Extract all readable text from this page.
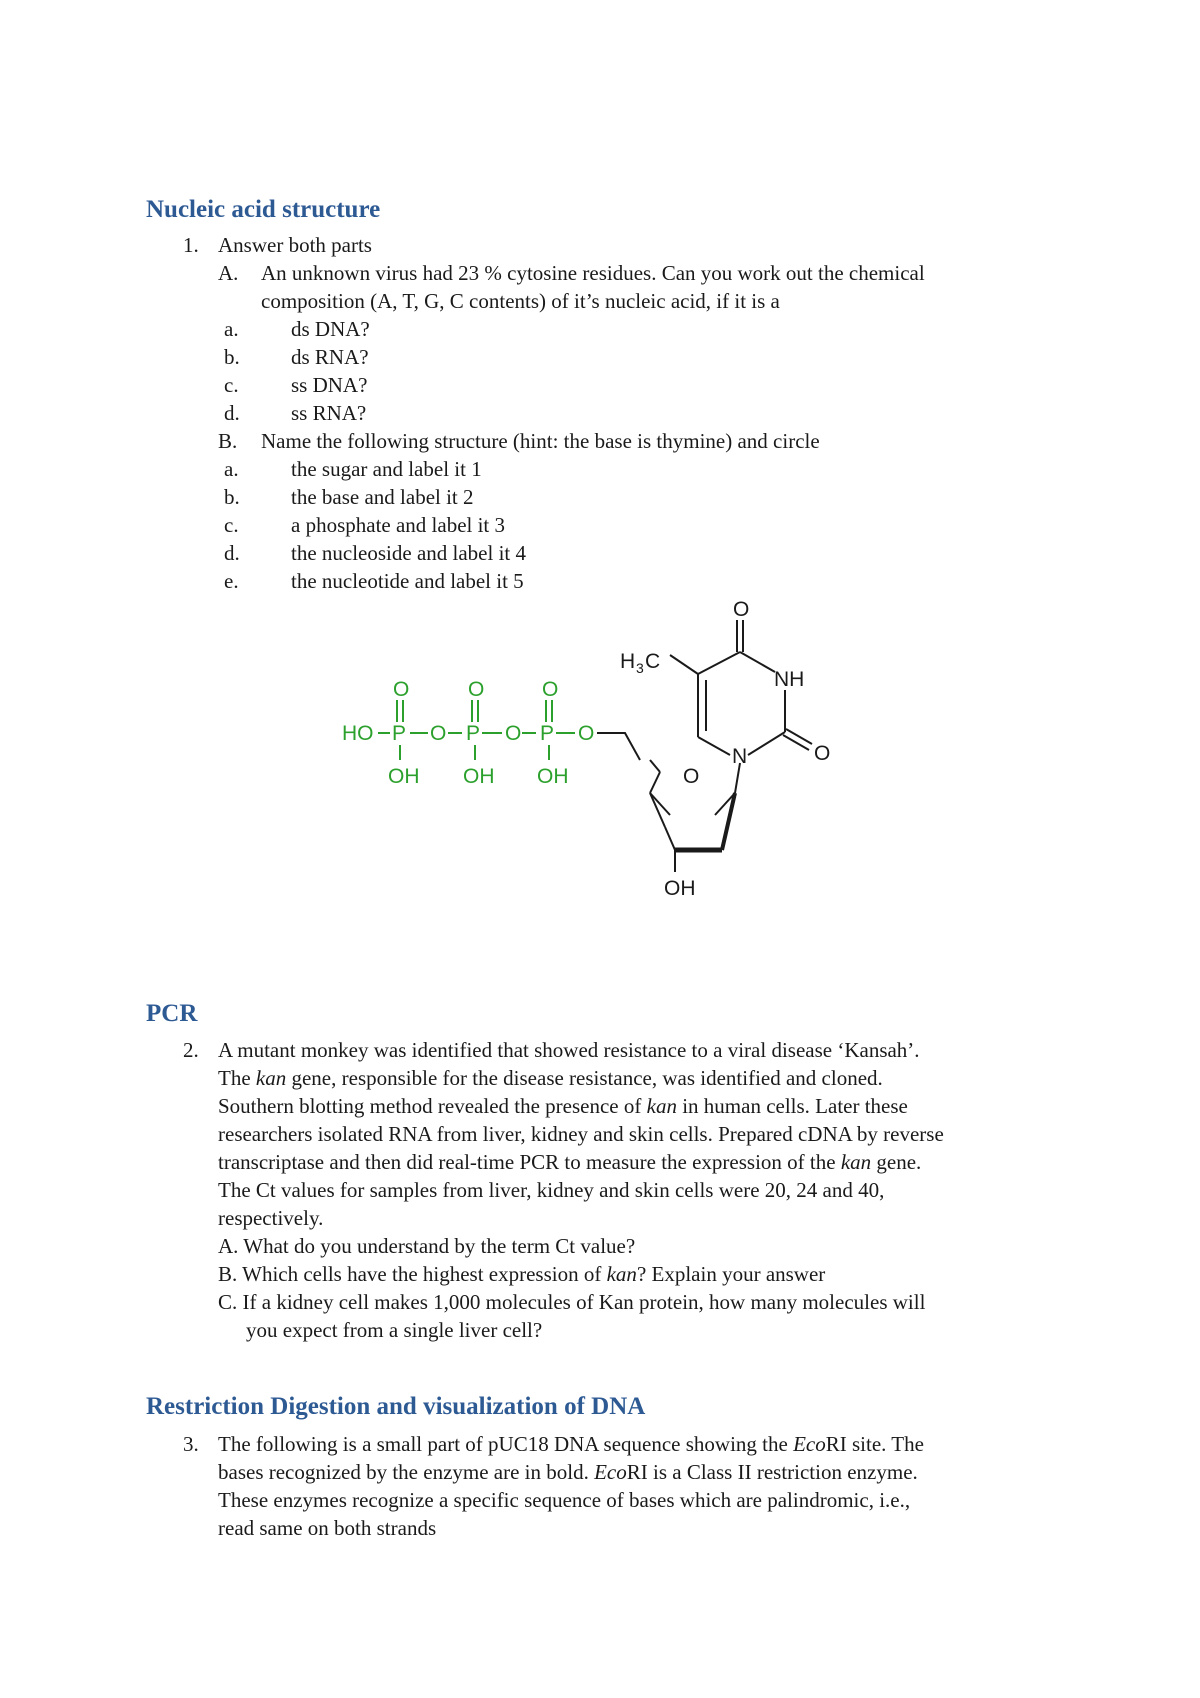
Nucleic acid structure
1. Answer both parts
A. An unknown virus had 23 % cytosine residues. Can you work out the chemical
composition (A, T, G, C contents) of it’s nucleic acid, if it is a
a. ds DNA?
b. ds RNA?
c. ss DNA?
d. ss RNA?
B. Name the following structure (hint: the base is thymine) and circle
a. the sugar and label it 1
b. the base and label it 2
c. a phosphate and label it 3
d. the nucleoside and label it 4
e. the nucleotide and label it 5
O
NH
N	O
O
OH
H 3 C
HO P O P O P O
O	O	O
OH OH OH
PCR
2. A mutant monkey was identified that showed resistance to a viral disease ‘Kansah’.
The kan gene, responsible for the disease resistance, was identified and cloned.
Southern blotting method revealed the presence of kan in human cells. Later these
researchers isolated RNA from liver, kidney and skin cells. Prepared cDNA by reverse
transcriptase and then did real-time PCR to measure the expression of the kan gene.
The Ct values for samples from liver, kidney and skin cells were 20, 24 and 40,
respectively.
A. What do you understand by the term Ct value?
B. Which cells have the highest expression of kan? Explain your answer
C. If a kidney cell makes 1,000 molecules of Kan protein, how many molecules will
you expect from a single liver cell?
Restriction Digestion and visualization of DNA
3. The following is a small part of pUC18 DNA sequence showing the EcoRI site. The
bases recognized by the enzyme are in bold. EcoRI is a Class II restriction enzyme.
These enzymes recognize a specific sequence of bases which are palindromic, i.e.,
read same on both strands
